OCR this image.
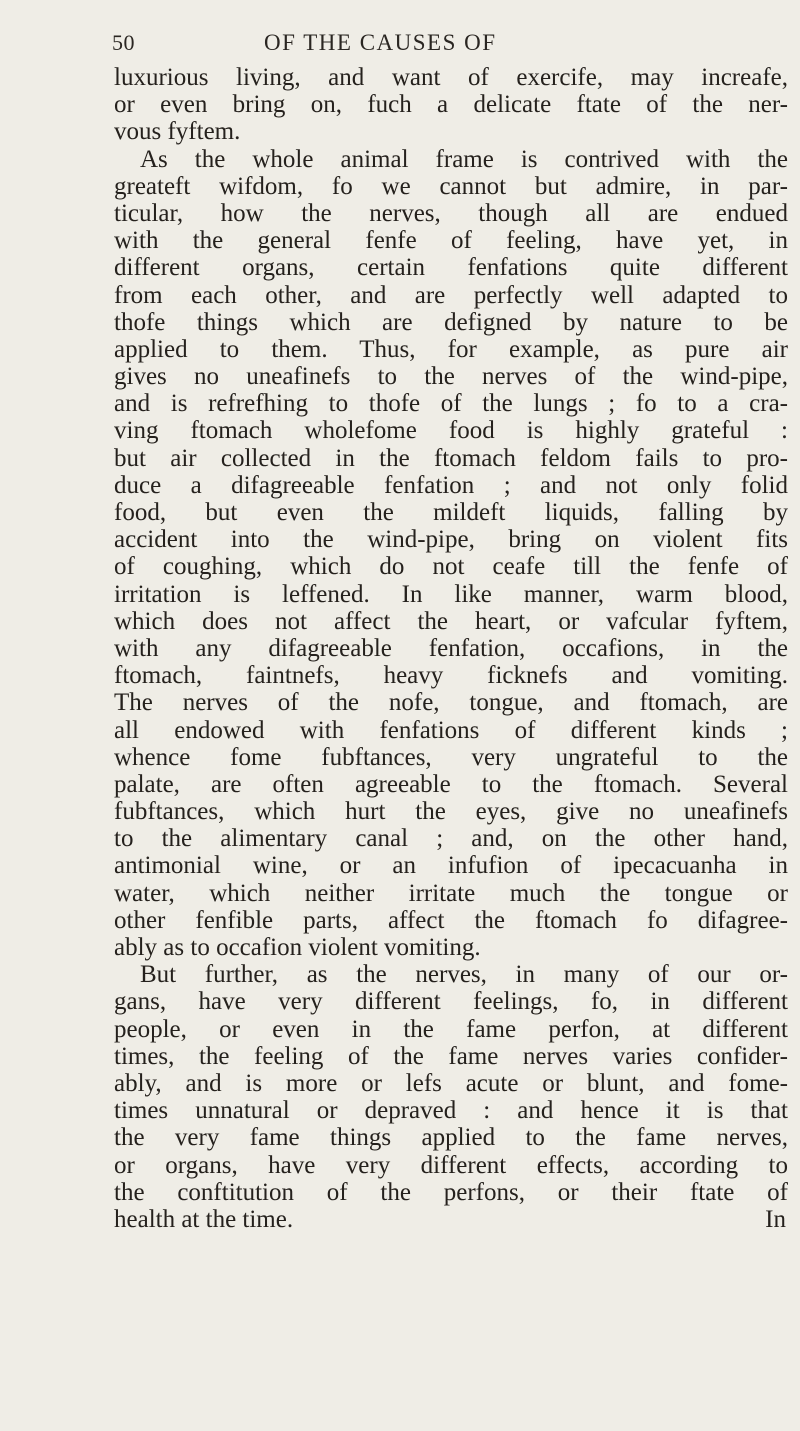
50	OF THE CAUSES OF
luxurious living, and want of exercife, may increafe,
or even bring on, fuch a delicate ftate of the ner-
vous fyftem.
As the whole animal frame is contrived with the
greateft wifdom, fo we cannot but admire, in par-
ticular, how the nerves, though all are endued
with the general fenfe of feeling, have yet, in
different organs, certain fenfations quite different
from each other, and are perfectly well adapted to
thofe things which are defigned by nature to be
applied to them. Thus, for example, as pure air
gives no uneafinefs to the nerves of the wind-pipe,
and is refrefhing to thofe of the lungs ; fo to a cra-
ving ftomach wholefome food is highly grateful :
but air collected in the ftomach feldom fails to pro-
duce a difagreeable fenfation ; and not only folid
food, but even the mildeft liquids, falling by
accident into the wind-pipe, bring on violent fits
of coughing, which do not ceafe till the fenfe of
irritation is leffened. In like manner, warm blood,
which does not affect the heart, or vafcular fyftem,
with any difagreeable fenfation, occafions, in the
ftomach, faintnefs, heavy ficknefs and vomiting.
The nerves of the nofe, tongue, and ftomach, are
all endowed with fenfations of different kinds ;
whence fome fubftances, very ungrateful to the
palate, are often agreeable to the ftomach. Several
fubftances, which hurt the eyes, give no uneafinefs
to the alimentary canal ; and, on the other hand,
antimonial wine, or an infufion of ipecacuanha in
water, which neither irritate much the tongue or
other fenfible parts, affect the ftomach fo difagree-
ably as to occafion violent vomiting.
But further, as the nerves, in many of our or-
gans, have very different feelings, fo, in different
people, or even in the fame perfon, at different
times, the feeling of the fame nerves varies confider-
ably, and is more or lefs acute or blunt, and fome-
times unnatural or depraved : and hence it is that
the very fame things applied to the fame nerves,
or organs, have very different effects, according to
the conftitution of the perfons, or their ftate of
health at the time.	In
